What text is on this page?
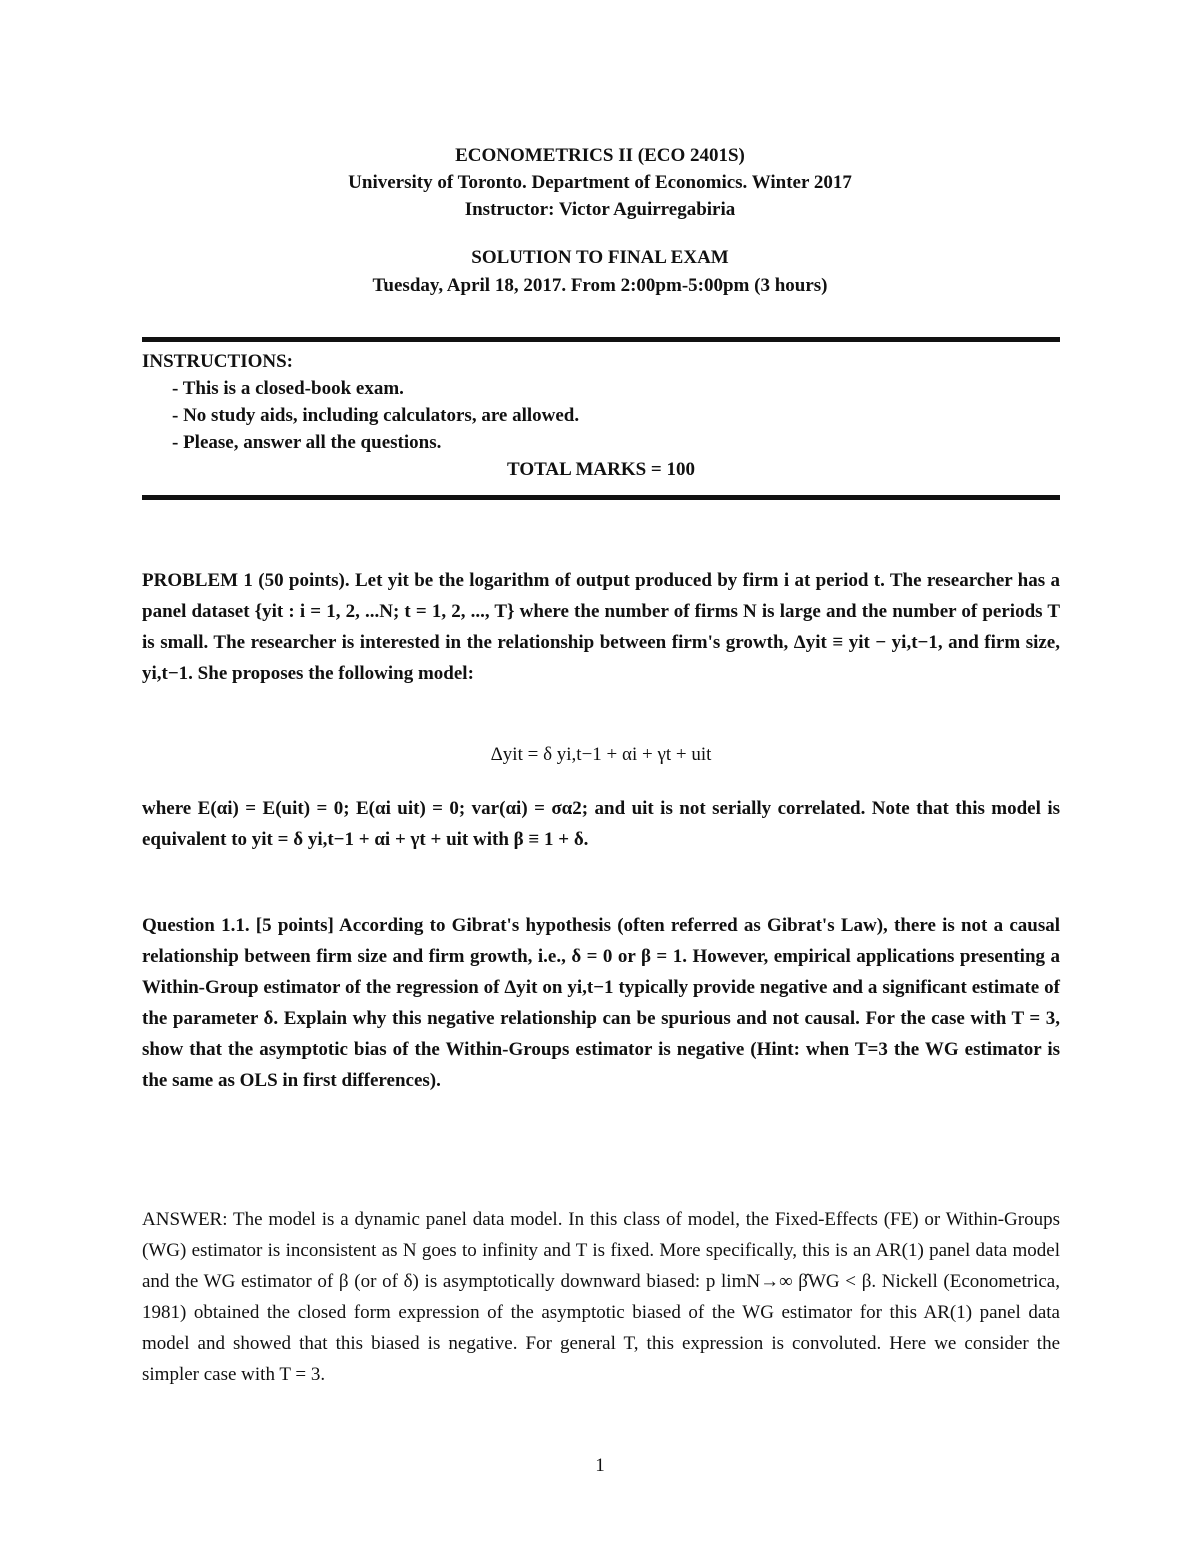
ECONOMETRICS II (ECO 2401S)
University of Toronto. Department of Economics. Winter 2017
Instructor: Victor Aguirregabiria
SOLUTION TO FINAL EXAM
Tuesday, April 18, 2017. From 2:00pm-5:00pm (3 hours)
INSTRUCTIONS:
- This is a closed-book exam.
- No study aids, including calculators, are allowed.
- Please, answer all the questions.
TOTAL MARKS = 100
PROBLEM 1 (50 points). Let yit be the logarithm of output produced by firm i at period t. The researcher has a panel dataset {yit : i = 1, 2, ...N; t = 1, 2, ..., T} where the number of firms N is large and the number of periods T is small. The researcher is interested in the relationship between firm's growth, Δyit ≡ yit − yi,t−1, and firm size, yi,t−1. She proposes the following model:
Δyit = δ yi,t−1 + αi + γt + uit
where E(αi) = E(uit) = 0; E(αi uit) = 0; var(αi) = σα2; and uit is not serially correlated. Note that this model is equivalent to yit = δ yi,t−1 + αi + γt + uit with β ≡ 1 + δ.
Question 1.1. [5 points] According to Gibrat's hypothesis (often referred as Gibrat's Law), there is not a causal relationship between firm size and firm growth, i.e., δ = 0 or β = 1. However, empirical applications presenting a Within-Group estimator of the regression of Δyit on yi,t−1 typically provide negative and a significant estimate of the parameter δ. Explain why this negative relationship can be spurious and not causal. For the case with T = 3, show that the asymptotic bias of the Within-Groups estimator is negative (Hint: when T=3 the WG estimator is the same as OLS in first differences).
ANSWER: The model is a dynamic panel data model. In this class of model, the Fixed-Effects (FE) or Within-Groups (WG) estimator is inconsistent as N goes to infinity and T is fixed. More specifically, this is an AR(1) panel data model and the WG estimator of β (or of δ) is asymptotically downward biased: p limN→∞ β̂WG < β. Nickell (Econometrica, 1981) obtained the closed form expression of the asymptotic biased of the WG estimator for this AR(1) panel data model and showed that this biased is negative. For general T, this expression is convoluted. Here we consider the simpler case with T = 3.
1
